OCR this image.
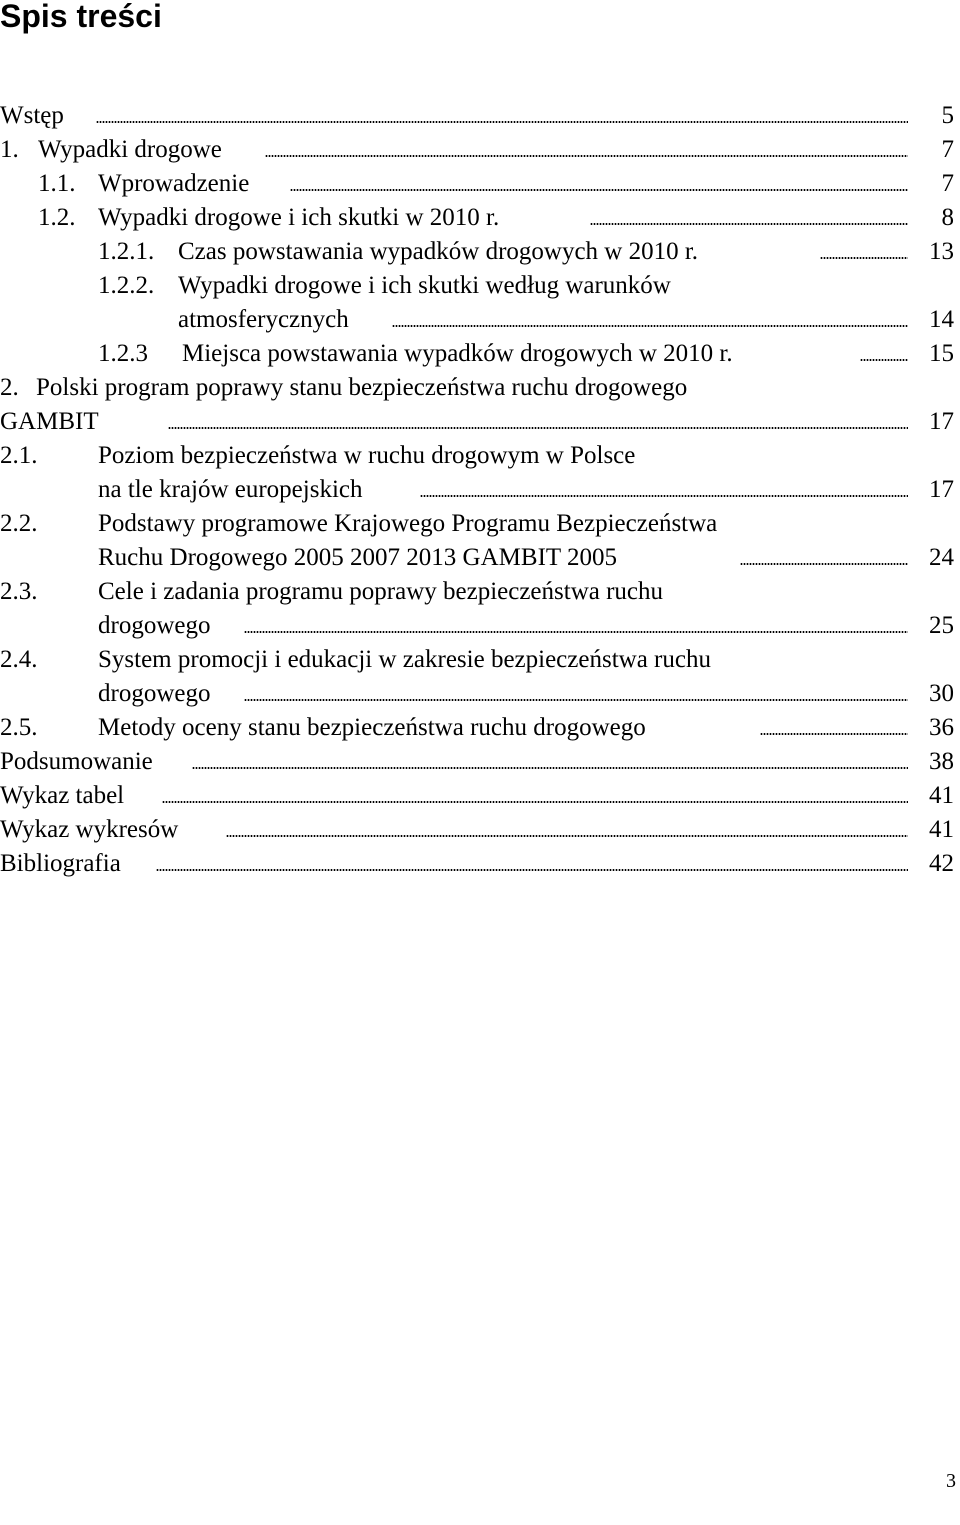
Spis treści
Wstęp	5
1. Wypadki drogowe	7
1.1. Wprowadzenie	7
1.2. Wypadki drogowe i ich skutki w 2010 r.	8
1.2.1. Czas powstawania wypadków drogowych w 2010 r.	13
1.2.2. Wypadki drogowe i ich skutki według warunków
atmosferycznych	14
1.2.3 Miejsca powstawania wypadków drogowych w 2010 r.	15
2. Polski program poprawy stanu bezpieczeństwa ruchu drogowego
GAMBIT	17
2.1. Poziom bezpieczeństwa w ruchu drogowym w Polsce
na tle krajów europejskich	17
2.2. Podstawy programowe Krajowego Programu Bezpieczeństwa
Ruchu Drogowego 2005 2007 2013 GAMBIT 2005	24
2.3. Cele i zadania programu poprawy bezpieczeństwa ruchu
drogowego	25
2.4. System promocji i edukacji w zakresie bezpieczeństwa ruchu
drogowego	30
2.5. Metody oceny stanu bezpieczeństwa ruchu drogowego	36
Podsumowanie	38
Wykaz tabel	41
Wykaz wykresów	41
Bibliografia	42
3
